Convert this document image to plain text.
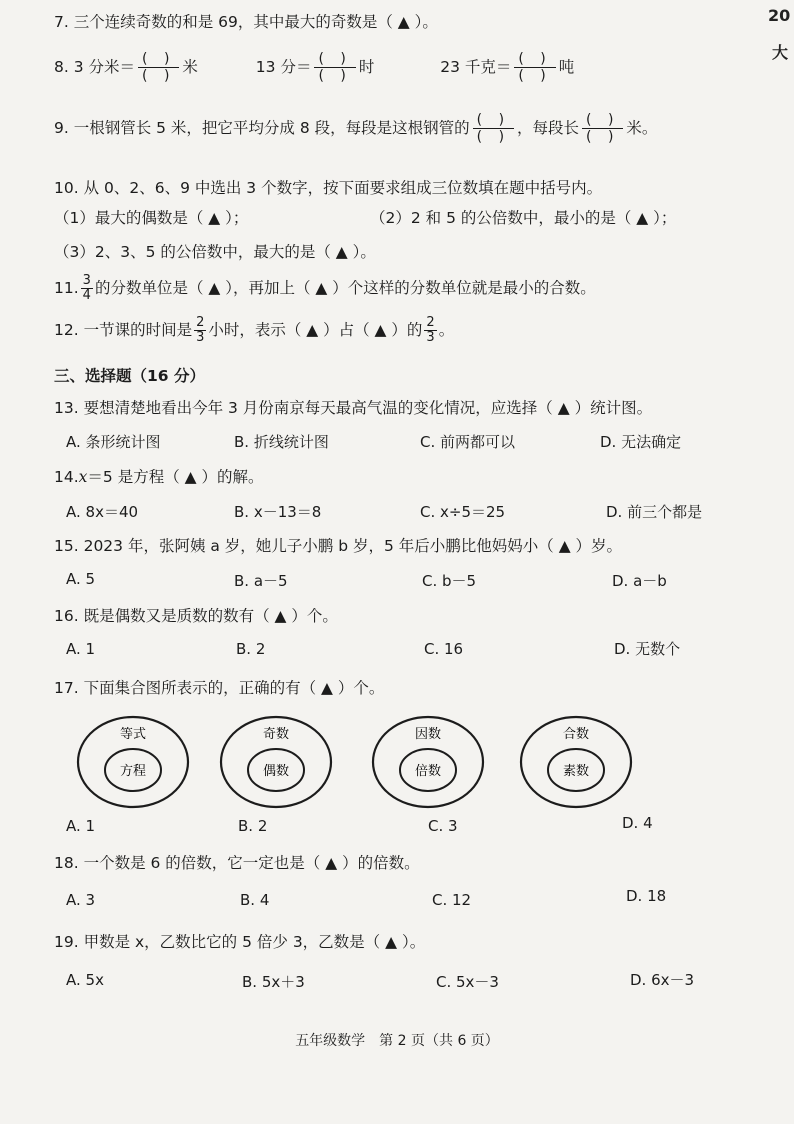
20
大
7. 三个连续奇数的和是 69，其中最大的奇数是（ ▲ ）。
8. 3 分米＝ $\frac{( )}{( )}$ 米	13 分＝ $\frac{( )}{( )}$ 时	23 千克＝ $\frac{( )}{( )}$ 吨
9. 一根钢管长 5 米，把它平均分成 8 段，每段是这根钢管的 $\frac{( )}{( )}$ ，每段长 $\frac{( )}{( )}$ 米。
10. 从 0、2、6、9 中选出 3 个数字，按下面要求组成三位数填在题中括号内。
（1）最大的偶数是（ ▲ ）；	（2）2 和 5 的公倍数中，最小的是（ ▲ ）；
（3）2、3、5 的公倍数中，最大的是（ ▲ ）。
11. $\frac{3}{4}$ 的分数单位是（ ▲ ），再加上（ ▲ ）个这样的分数单位就是最小的合数。
12. 一节课的时间是 $\frac{2}{3}$ 小时，表示（ ▲ ）占（ ▲ ）的 $\frac{2}{3}$ 。
三、选择题（16 分）
13. 要想清楚地看出今年 3 月份南京每天最高气温的变化情况，应选择（ ▲ ）统计图。
A. 条形统计图	B. 折线统计图	C. 前两都可以	D. 无法确定
14.x＝5 是方程（ ▲ ）的解。
A. 8x＝40	B. x－13＝8	C. x÷5＝25	D. 前三个都是
15. 2023 年，张阿姨 a 岁，她儿子小鹏 b 岁，5 年后小鹏比他妈妈小（ ▲ ）岁。
A. 5	B. a－5	C. b－5	D. a－b
16. 既是偶数又是质数的数有（ ▲ ）个。
A. 1	B. 2	C. 16	D. 无数个
17. 下面集合图所表示的，正确的有（ ▲ ）个。
等式
方程
奇数
偶数
因数
倍数
合数
素数
A. 1	B. 2	C. 3	D. 4
18. 一个数是 6 的倍数，它一定也是（ ▲ ）的倍数。
A. 3	B. 4	C. 12	D. 18
19. 甲数是 x，乙数比它的 5 倍少 3，乙数是（ ▲ ）。
A. 5x	B. 5x＋3	C. 5x－3	D. 6x－3
五年级数学　第 2 页（共 6 页）
